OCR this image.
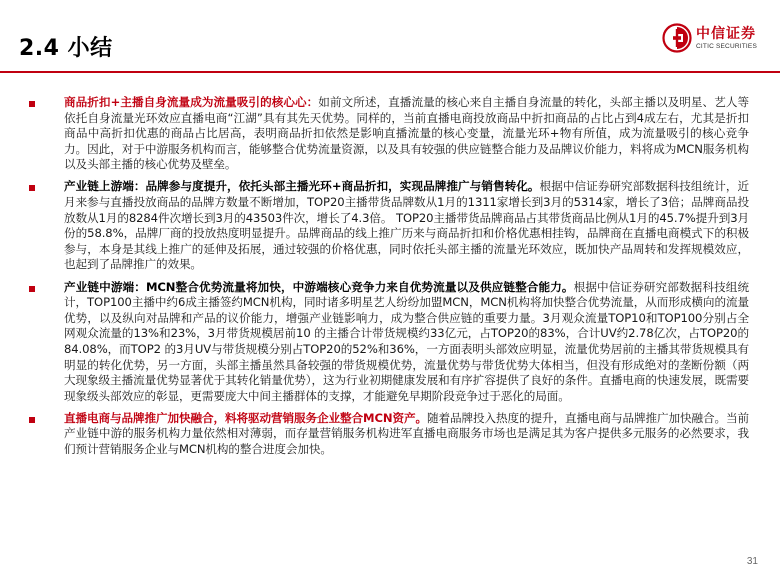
2.4 小结
中信证券
CITIC SECURITIES

商品折扣+主播自身流量成为流量吸引的核心心：如前文所述，直播流量的核心来自主播自身流量的转化，头部主播以及明星、艺人等依托自身流量光环效应直播电商“江湖”具有其先天优势。同样的，当前直播电商投放商品中折扣商品的占比占到4成左右，尤其是折扣商品中高折扣优惠的商品占比居高，表明商品折扣依然是影响直播流量的核心变量，流量光环+物有所值，成为流量吸引的核心竞争力。因此，对于中游服务机构而言，能够整合优势流量资源，以及具有较强的供应链整合能力及品牌议价能力，料将成为MCN服务机构以及头部主播的核心优势及壁垒。

产业链上游端：品牌参与度提升，依托头部主播光环+商品折扣，实现品牌推广与销售转化。根据中信证券研究部数据科技组统计，近月来参与直播投放商品的品牌方数量不断增加，TOP20主播带货品牌数从1月的1311家增长到3月的5314家，增长了3倍；品牌商品投放数从1月的8284件次增长到3月的43503件次，增长了4.3倍。 TOP20主播带货品牌商品占其带货商品比例从1月的45.7%提升到3月份的58.8%，品牌厂商的投放热度明显提升。品牌商品的线上推广历来与商品折扣和价格优惠相挂钩，品牌商在直播电商模式下的积极参与，本身是其线上推广的延伸及拓展，通过较强的价格优惠，同时依托头部主播的流量光环效应，既加快产品周转和发挥规模效应，也起到了品牌推广的效果。

产业链中游端：MCN整合优势流量将加快，中游端核心竞争力来自优势流量以及供应链整合能力。根据中信证券研究部数据科技组统计，TOP100主播中约6成主播签约MCN机构，同时诸多明星艺人纷纷加盟MCN，MCN机构将加快整合优势流量，从而形成横向的流量优势，以及纵向对品牌和产品的议价能力，增强产业链影响力，成为整合供应链的重要力量。3月观众流量TOP10和TOP100分别占全网观众流量的13%和23%，3月带货规模居前10 的主播合计带货规模约33亿元，占TOP20的83%，合计UV约2.78亿次，占TOP20的84.08%，而TOP2 的3月UV与带货规模分别占TOP20的52%和36%，一方面表明头部效应明显，流量优势居前的主播其带货规模具有明显的转化优势，另一方面，头部主播虽然具备较强的带货规模优势，流量优势与带货优势大体相当，但没有形成绝对的垄断份额（两大现象级主播流量优势显著优于其转化销量优势），这为行业初期健康发展和有序扩容提供了良好的条件。直播电商的快速发展，既需要现象级头部效应的彰显，更需要庞大中间主播群体的支撑，才能避免早期阶段竞争过于恶化的局面。

直播电商与品牌推广加快融合，料将驱动营销服务企业整合MCN资产。随着品牌投入热度的提升，直播电商与品牌推广加快融合。当前产业链中游的服务机构力量依然相对薄弱，而存量营销服务机构进军直播电商服务市场也是满足其为客户提供多元服务的必然要求，我们预计营销服务企业与MCN机构的整合进度会加快。

31
